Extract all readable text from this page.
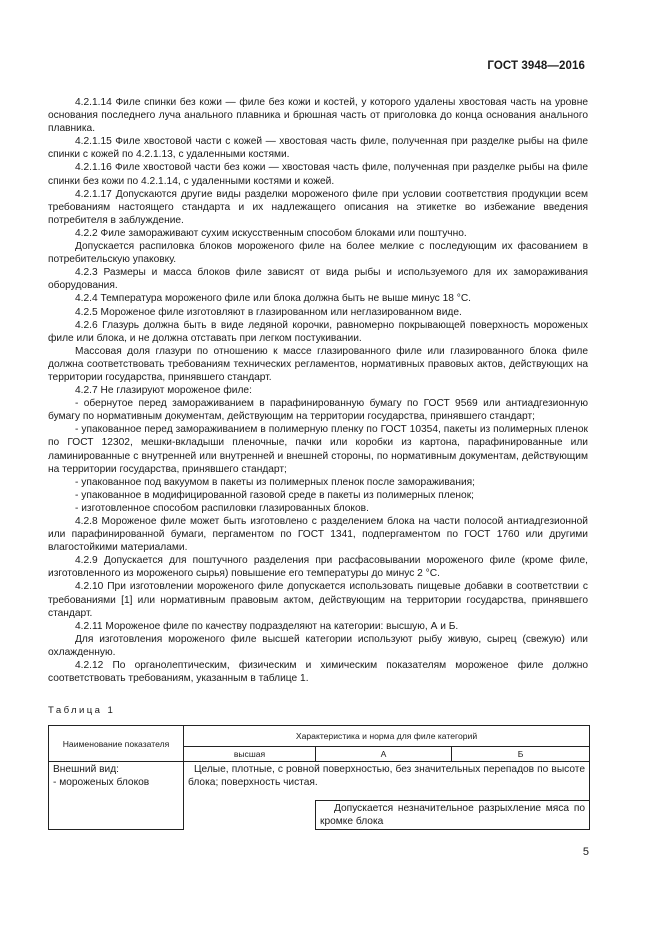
ГОСТ 3948—2016

4.2.1.14 Филе спинки без кожи — филе без кожи и костей, у которого удалены хвостовая часть на уровне основания последнего луча анального плавника и брюшная часть от приголовка до конца основания анального плавника.

4.2.1.15 Филе хвостовой части с кожей — хвостовая часть филе, полученная при разделке рыбы на филе спинки с кожей по 4.2.1.13, с удаленными костями.

4.2.1.16 Филе хвостовой части без кожи — хвостовая часть филе, полученная при разделке рыбы на филе спинки без кожи по 4.2.1.14, с удаленными костями и кожей.

4.2.1.17 Допускаются другие виды разделки мороженого филе при условии соответствия продукции всем требованиям настоящего стандарта и их надлежащего описания на этикетке во избежание введения потребителя в заблуждение.

4.2.2 Филе замораживают сухим искусственным способом блоками или поштучно.

Допускается распиловка блоков мороженого филе на более мелкие с последующим их фасованием в потребительскую упаковку.

4.2.3 Размеры и масса блоков филе зависят от вида рыбы и используемого для их замораживания оборудования.

4.2.4 Температура мороженого филе или блока должна быть не выше минус 18 °С.

4.2.5 Мороженое филе изготовляют в глазированном или неглазированном виде.

4.2.6 Глазурь должна быть в виде ледяной корочки, равномерно покрывающей поверхность мороженых филе или блока, и не должна отставать при легком постукивании.

Массовая доля глазури по отношению к массе глазированного филе или глазированного блока филе должна соответствовать требованиям технических регламентов, нормативных правовых актов, действующих на территории государства, принявшего стандарт.

4.2.7 Не глазируют мороженое филе:

- обернутое перед замораживанием в парафинированную бумагу по ГОСТ 9569 или антиадгезионную бумагу по нормативным документам, действующим на территории государства, принявшего стандарт;

- упакованное перед замораживанием в полимерную пленку по ГОСТ 10354, пакеты из полимерных пленок по ГОСТ 12302, мешки-вкладыши пленочные, пачки или коробки из картона, парафинированные или ламинированные с внутренней или внутренней и внешней стороны, по нормативным документам, действующим на территории государства, принявшего стандарт;

- упакованное под вакуумом в пакеты из полимерных пленок после замораживания;

- упакованное в модифицированной газовой среде в пакеты из полимерных пленок;

- изготовленное способом распиловки глазированных блоков.

4.2.8 Мороженое филе может быть изготовлено с разделением блока на части полосой антиадгезионной или парафинированной бумаги, пергаментом по ГОСТ 1341, подпергаментом по ГОСТ 1760 или другими влагостойкими материалами.

4.2.9 Допускается для поштучного разделения при расфасовывании мороженого филе (кроме филе, изготовленного из мороженого сырья) повышение его температуры до минус 2 °С.

4.2.10 При изготовлении мороженого филе допускается использовать пищевые добавки в соответствии с требованиями [1] или нормативным правовым актом, действующим на территории государства, принявшего стандарт.

4.2.11 Мороженое филе по качеству подразделяют на категории: высшую, А и Б.

Для изготовления мороженого филе высшей категории используют рыбу живую, сырец (свежую) или охлажденную.

4.2.12 По органолептическим, физическим и химическим показателям мороженое филе должно соответствовать требованиям, указанным в таблице 1.

Таблица 1
Наименование показателя	Характеристика и норма для филе категорий		
	высшая	А	Б

Внешний вид:
- мороженых блоков	Целые, плотные, с ровной поверхностью, без значительных перепадов по высоте блока; поверхность чистая.		

		Допускается незначительное разрыхление мяса по кромке блока	

5
